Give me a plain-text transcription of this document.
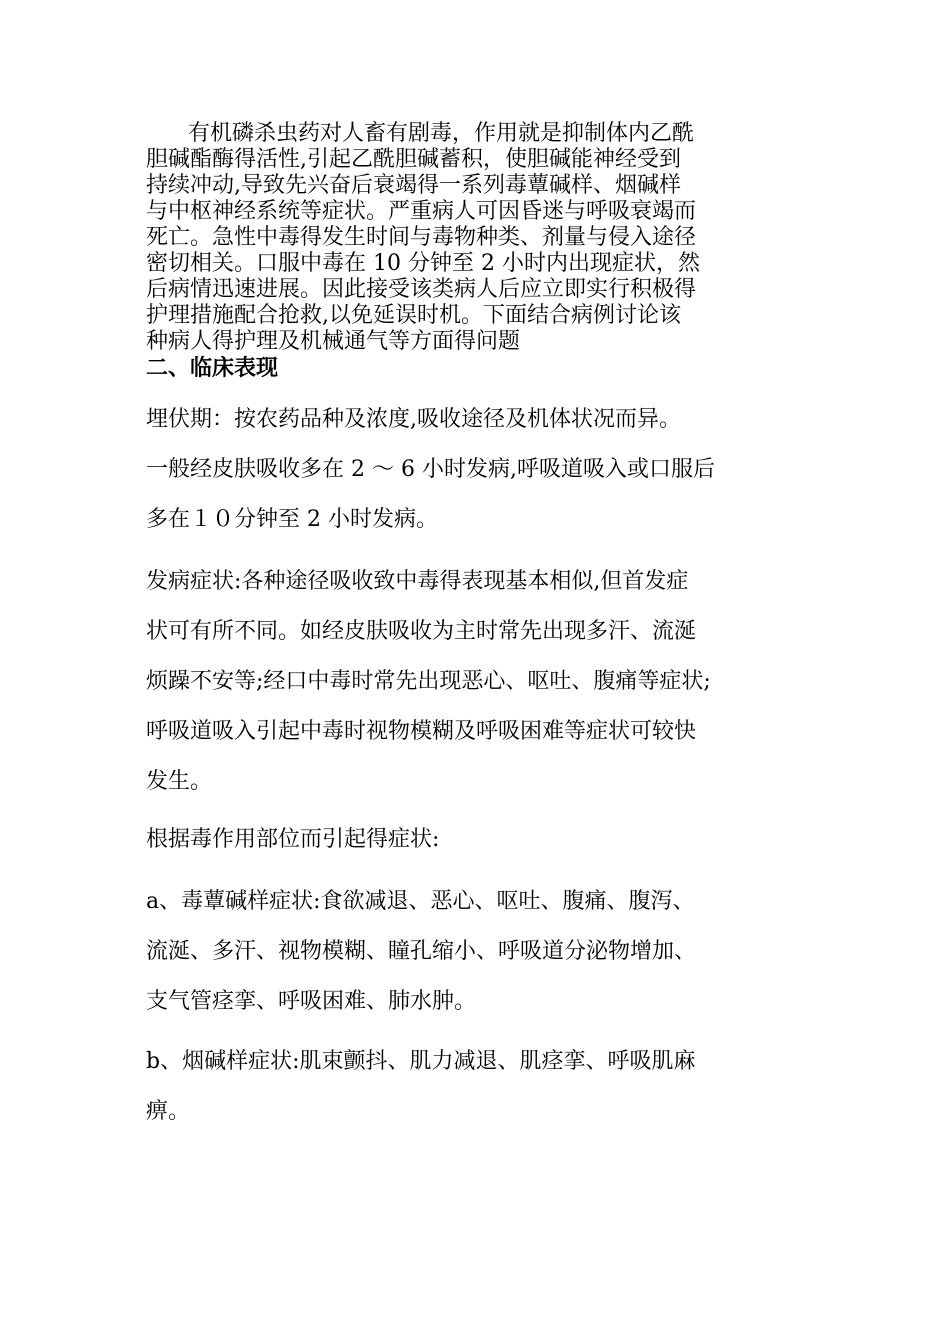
有机磷杀虫药对人畜有剧毒，作用就是抑制体内乙酰
胆碱酯酶得活性,引起乙酰胆碱蓄积，使胆碱能神经受到
持续冲动,导致先兴奋后衰竭得一系列毒蕈碱样、烟碱样
与中枢神经系统等症状。严重病人可因昏迷与呼吸衰竭而
死亡。急性中毒得发生时间与毒物种类、剂量与侵入途径
密切相关。口服中毒在 10 分钟至 2 小时内出现症状，然
后病情迅速进展。因此接受该类病人后应立即实行积极得
护理措施配合抢救,以免延误时机。下面结合病例讨论该
种病人得护理及机械通气等方面得问题
二、临床表现
埋伏期：按农药品种及浓度,吸收途径及机体状况而异。
一般经皮肤吸收多在 2 ～ 6 小时发病,呼吸道吸入或口服后
多在１０分钟至 2 小时发病。
发病症状:各种途径吸收致中毒得表现基本相似,但首发症
状可有所不同。如经皮肤吸收为主时常先出现多汗、流涎
烦躁不安等;经口中毒时常先出现恶心、呕吐、腹痛等症状;
呼吸道吸入引起中毒时视物模糊及呼吸困难等症状可较快
发生。
根据毒作用部位而引起得症状:
a、毒蕈碱样症状:食欲减退、恶心、呕吐、腹痛、腹泻、
流涎、多汗、视物模糊、瞳孔缩小、呼吸道分泌物增加、
支气管痉挛、呼吸困难、肺水肿。
b、烟碱样症状:肌束颤抖、肌力减退、肌痉挛、呼吸肌麻
痹。
